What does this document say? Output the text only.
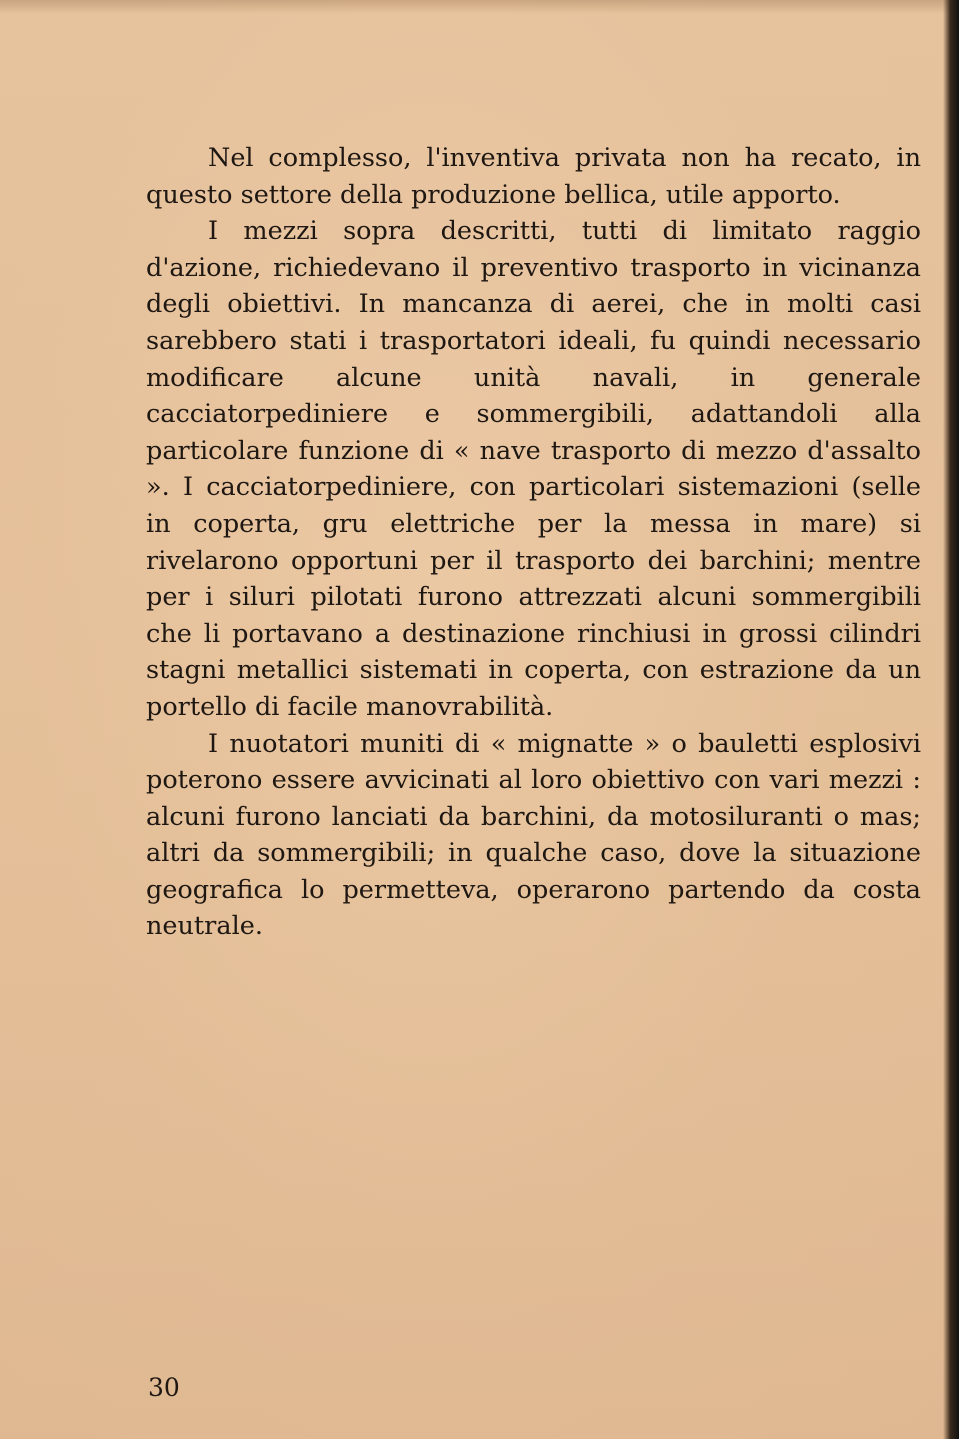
Nel complesso, l'inventiva privata non ha recato, in questo settore della produzione bellica, utile apporto.

I mezzi sopra descritti, tutti di limitato raggio d'azione, richiedevano il preventivo trasporto in vicinanza degli obiettivi. In mancanza di aerei, che in molti casi sarebbero stati i trasportatori ideali, fu quindi necessario modificare alcune unità navali, in generale cacciatorpediniere e sommergibili, adattandoli alla particolare funzione di « nave trasporto di mezzo d'assalto ». I cacciatorpediniere, con particolari sistemazioni (selle in coperta, gru elettriche per la messa in mare) si rivelarono opportuni per il trasporto dei barchini; mentre per i siluri pilotati furono attrezzati alcuni sommergibili che li portavano a destinazione rinchiusi in grossi cilindri stagni metallici sistemati in coperta, con estrazione da un portello di facile manovrabilità.

I nuotatori muniti di « mignatte » o bauletti esplosivi poterono essere avvicinati al loro obiettivo con vari mezzi : alcuni furono lanciati da barchini, da motosiluranti o mas; altri da sommergibili; in qualche caso, dove la situazione geografica lo permetteva, operarono partendo da costa neutrale.

30
